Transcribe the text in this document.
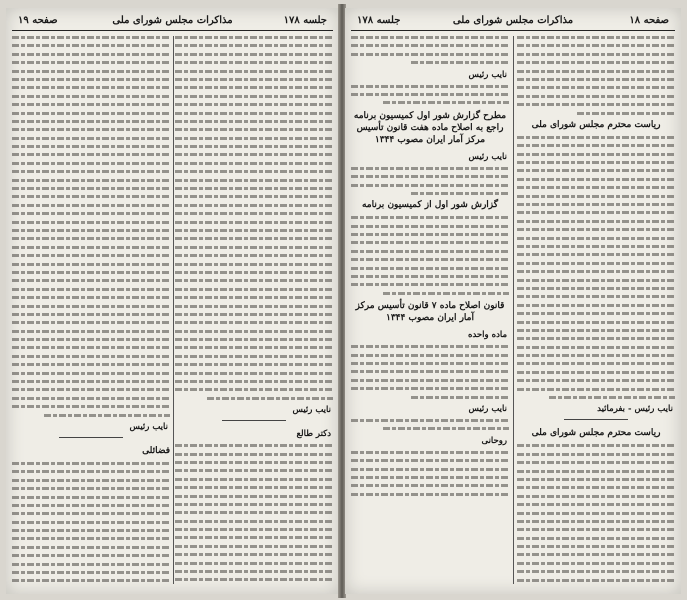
صفحه ۱۹	مذاکرات مجلس شورای ملی	جلسه ۱۷۸
نایب رئیس
دکتر طالع
نایب رئیس
فضائلی
صفحه ۱۸
مذاکرات مجلس شورای ملی
جلسه ۱۷۸
ریاست محترم مجلس شورای ملی
نایب رئیس - بفرمائید
ریاست محترم مجلس شورای ملی
نایب رئیس
مطرح گزارش شور اول کمیسیون برنامه راجع به اصلاح ماده هفت قانون تأسیس مرکز آمار ایران مصوب ۱۳۴۴
نایب رئیس
گزارش شور اول از کمیسیون برنامه
قانون اصلاح ماده ۷ قانون تأسیس مرکز آمار ایران مصوب ۱۳۴۴
ماده واحده
نایب رئیس
روحانی
